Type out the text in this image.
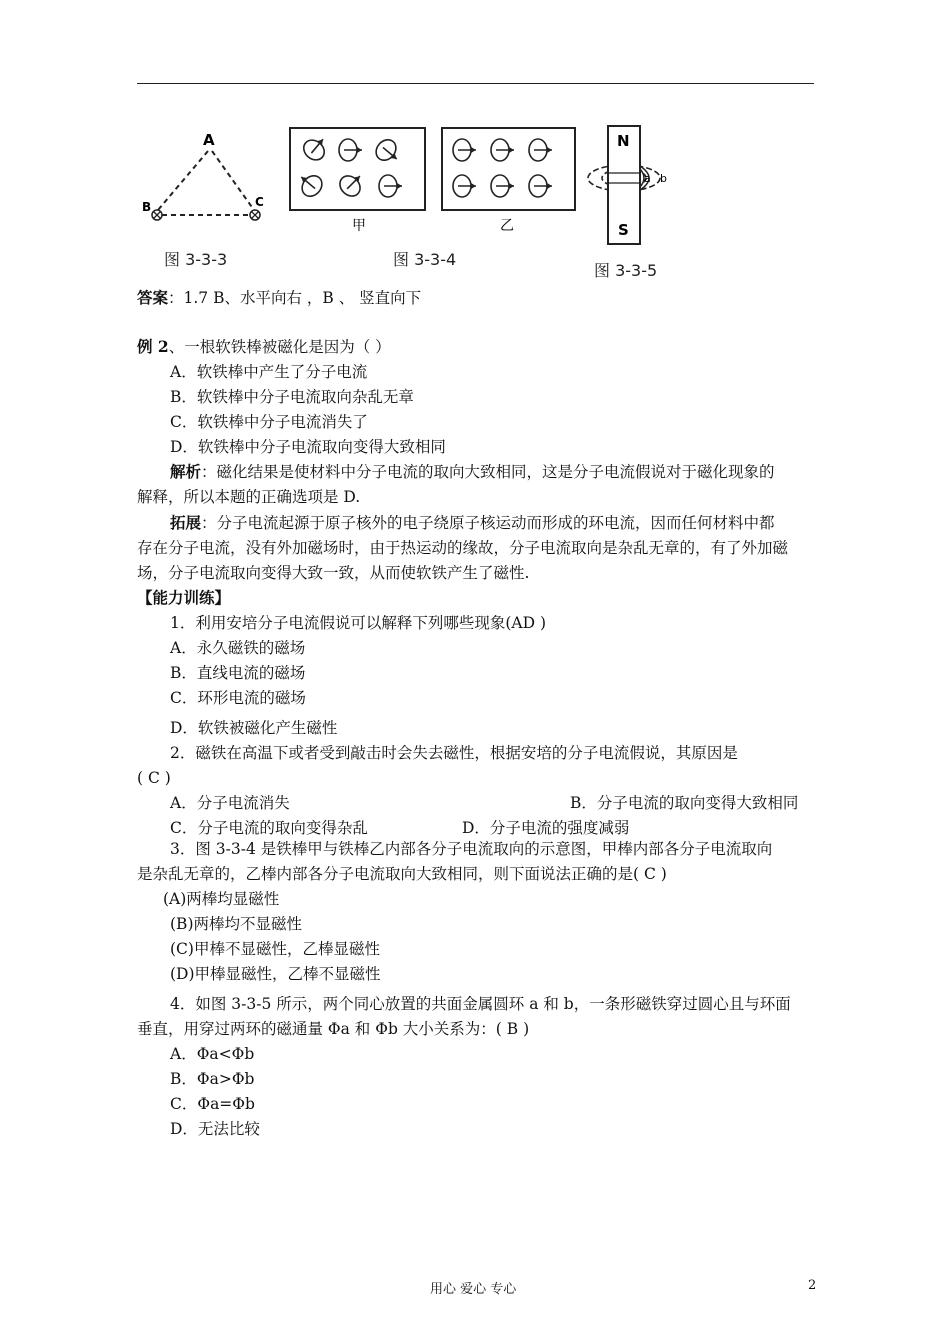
A
B	C
图 3-3-3
甲	乙
图 3-3-4
N
S
a b
图 3-3-5
答案：1.7 B、水平向右 ，B 、 竖直向下
例 2、一根软铁棒被磁化是因为（ ）
A．软铁棒中产生了分子电流
B．软铁棒中分子电流取向杂乱无章
C．软铁棒中分子电流消失了
D．软铁棒中分子电流取向变得大致相同
解析：磁化结果是使材料中分子电流的取向大致相同，这是分子电流假说对于磁化现象的
解释，所以本题的正确选项是 D.
拓展：分子电流起源于原子核外的电子绕原子核运动而形成的环电流，因而任何材料中都
存在分子电流，没有外加磁场时，由于热运动的缘故，分子电流取向是杂乱无章的，有了外加磁
场，分子电流取向变得大致一致，从而使软铁产生了磁性.
【能力训练】
1．利用安培分子电流假说可以解释下列哪些现象(AD )
A．永久磁铁的磁场
B．直线电流的磁场
C．环形电流的磁场
D．软铁被磁化产生磁性
2．磁铁在高温下或者受到敲击时会失去磁性，根据安培的分子电流假说，其原因是
( C )
A．分子电流消失	B．分子电流的取向变得大致相同
C．分子电流的取向变得杂乱	D．分子电流的强度减弱
3．图 3-3-4 是铁棒甲与铁棒乙内部各分子电流取向的示意图，甲棒内部各分子电流取向
是杂乱无章的，乙棒内部各分子电流取向大致相同，则下面说法正确的是( C )
(A)两棒均显磁性
(B)两棒均不显磁性
(C)甲棒不显磁性，乙棒显磁性
(D)甲棒显磁性，乙棒不显磁性
4．如图 3-3-5 所示，两个同心放置的共面金属圆环 a 和 b，一条形磁铁穿过圆心且与环面
垂直，用穿过两环的磁通量 Φa 和 Φb 大小关系为：( B )
A．Φa<Φb
B．Φa>Φb
C．Φa=Φb
D．无法比较
用心 爱心 专心	2
